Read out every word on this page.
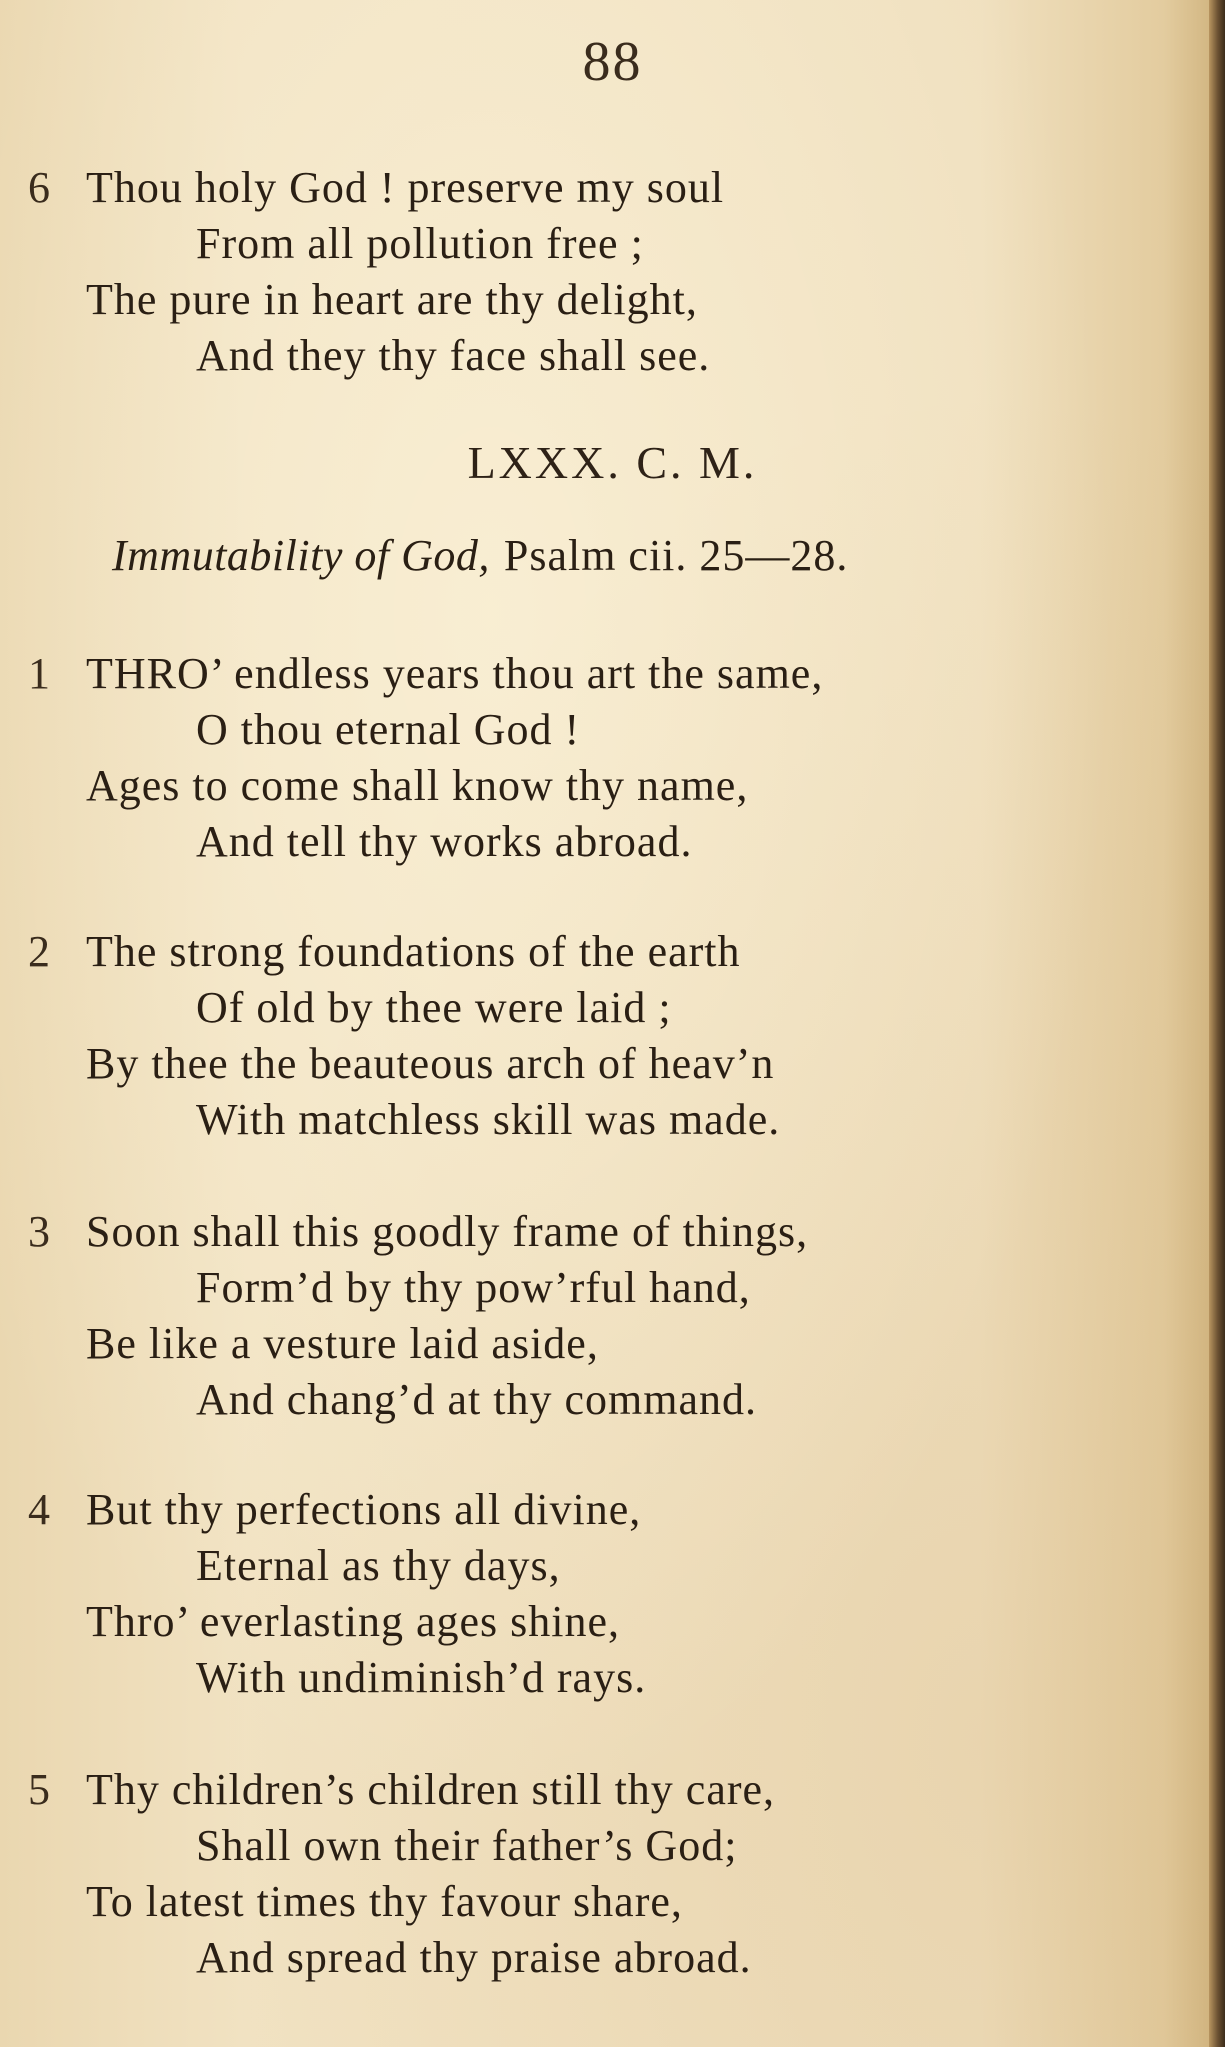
88
6 Thou holy God ! preserve my soul
From all pollution free ;
The pure in heart are thy delight,
And they thy face shall see.
LXXX. C. M.
Immutability of God, Psalm cii. 25—28.
1 THRO’ endless years thou art the same,
O thou eternal God !
Ages to come shall know thy name,
And tell thy works abroad.
2 The strong foundations of the earth
Of old by thee were laid ;
By thee the beauteous arch of heav’n
With matchless skill was made.
3 Soon shall this goodly frame of things,
Form’d by thy pow’rful hand,
Be like a vesture laid aside,
And chang’d at thy command.
4 But thy perfections all divine,
Eternal as thy days,
Thro’ everlasting ages shine,
With undiminish’d rays.
5 Thy children’s children still thy care,
Shall own their father’s God;
To latest times thy favour share,
And spread thy praise abroad.
